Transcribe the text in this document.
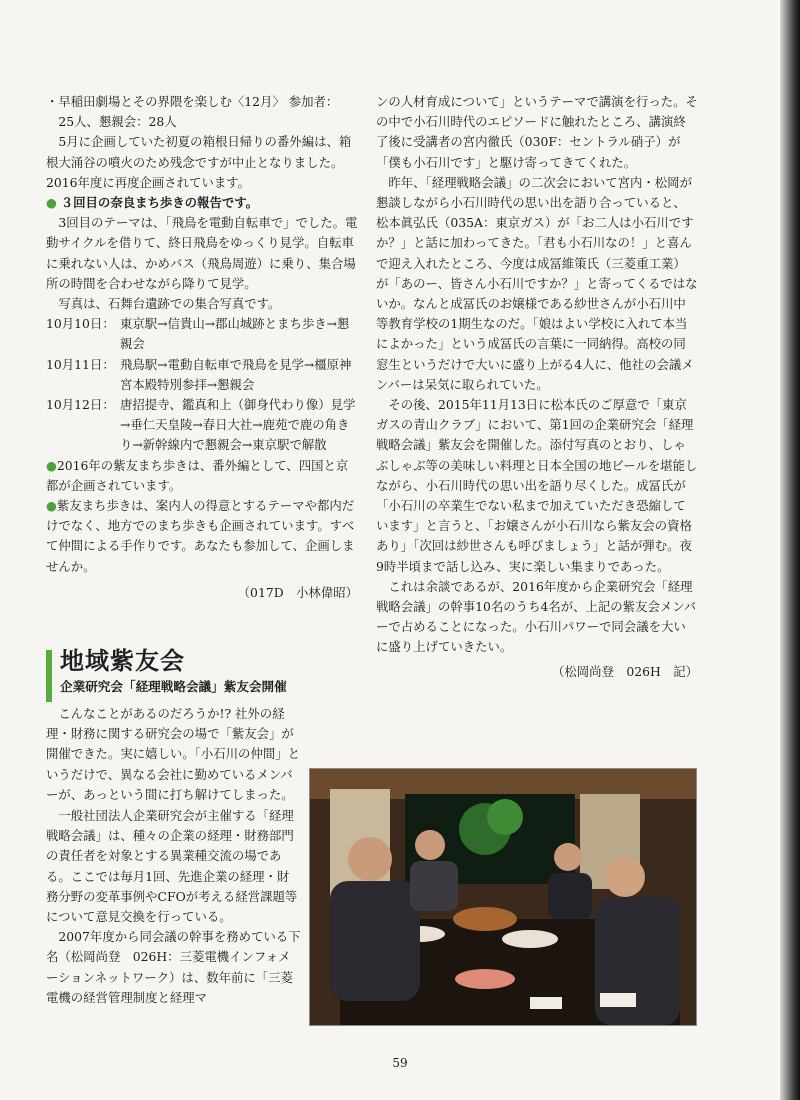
・早稲田劇場とその界隈を楽しむ〈12月〉 参加者：

25人、懇親会：28人

5月に企画していた初夏の箱根日帰りの番外編は、箱根大涌谷の噴火のため残念ですが中止となりました。2016年度に再度企画されています。

● ３回目の奈良まち歩きの報告です。

3回目のテーマは、「飛鳥を電動自転車で」でした。電動サイクルを借りて、終日飛鳥をゆっくり見学。自転車に乗れない人は、かめバス（飛鳥周遊）に乗り、集合場所の時間を合わせながら降りて見学。

写真は、石舞台遺跡での集合写真です。

10月10日： 東京駅→信貴山→郡山城跡とまち歩き→懇親会
10月11日： 飛鳥駅→電動自転車で飛鳥を見学→橿原神宮本殿特別参拝→懇親会
10月12日： 唐招提寺、鑑真和上（御身代わり像）見学→垂仁天皇陵→春日大社→鹿苑で鹿の角きり→新幹線内で懇親会→東京駅で解散

●2016年の紫友まち歩きは、番外編として、四国と京都が企画されています。

●紫友まち歩きは、案内人の得意とするテーマや都内だけでなく、地方でのまち歩きも企画されています。すべて仲間による手作りです。あなたも参加して、企画しませんか。

（017D　小林偉昭）

地域紫友会
企業研究会「経理戦略会議」紫友会開催

こんなことがあるのだろうか!? 社外の経理・財務に関する研究会の場で「紫友会」が開催できた。実に嬉しい。「小石川の仲間」というだけで、異なる会社に勤めているメンバーが、あっという間に打ち解けてしまった。

一般社団法人企業研究会が主催する「経理戦略会議」は、種々の企業の経理・財務部門の責任者を対象とする異業種交流の場である。ここでは毎月1回、先進企業の経理・財務分野の変革事例やCFOが考える経営課題等について意見交換を行っている。

2007年度から同会議の幹事を務めている下名（松岡尚登　026H：三菱電機インフォメーションネットワーク）は、数年前に「三菱電機の経営管理制度と経理マ

ンの人材育成について」というテーマで講演を行った。その中で小石川時代のエピソードに触れたところ、講演終了後に受講者の宮内徹氏（030F：セントラル硝子）が「僕も小石川です」と駆け寄ってきてくれた。

昨年、「経理戦略会議」の二次会において宮内・松岡が懇談しながら小石川時代の思い出を語り合っていると、松本眞弘氏（035A：東京ガス）が「お二人は小石川ですか？」と話に加わってきた。「君も小石川なの！」と喜んで迎え入れたところ、今度は成冨維策氏（三菱重工業）が「あのー、皆さん小石川ですか？」と寄ってくるではないか。なんと成冨氏のお嬢様である紗世さんが小石川中等教育学校の1期生なのだ。「娘はよい学校に入れて本当によかった」という成冨氏の言葉に一同納得。高校の同窓生というだけで大いに盛り上がる4人に、他社の会議メンバーは呆気に取られていた。

その後、2015年11月13日に松本氏のご厚意で「東京ガスの青山クラブ」において、第1回の企業研究会「経理戦略会議」紫友会を開催した。添付写真のとおり、しゃぶしゃぶ等の美味しい料理と日本全国の地ビールを堪能しながら、小石川時代の思い出を語り尽くした。成冨氏が「小石川の卒業生でない私まで加えていただき恐縮しています」と言うと、「お嬢さんが小石川なら紫友会の資格あり」「次回は紗世さんも呼びましょう」と話が弾む。夜9時半頃まで話し込み、実に楽しい集まりであった。

これは余談であるが、2016年度から企業研究会「経理戦略会議」の幹事10名のうち4名が、上記の紫友会メンバーで占めることになった。小石川パワーで同会議を大いに盛り上げていきたい。

（松岡尚登　026H　記）

59
